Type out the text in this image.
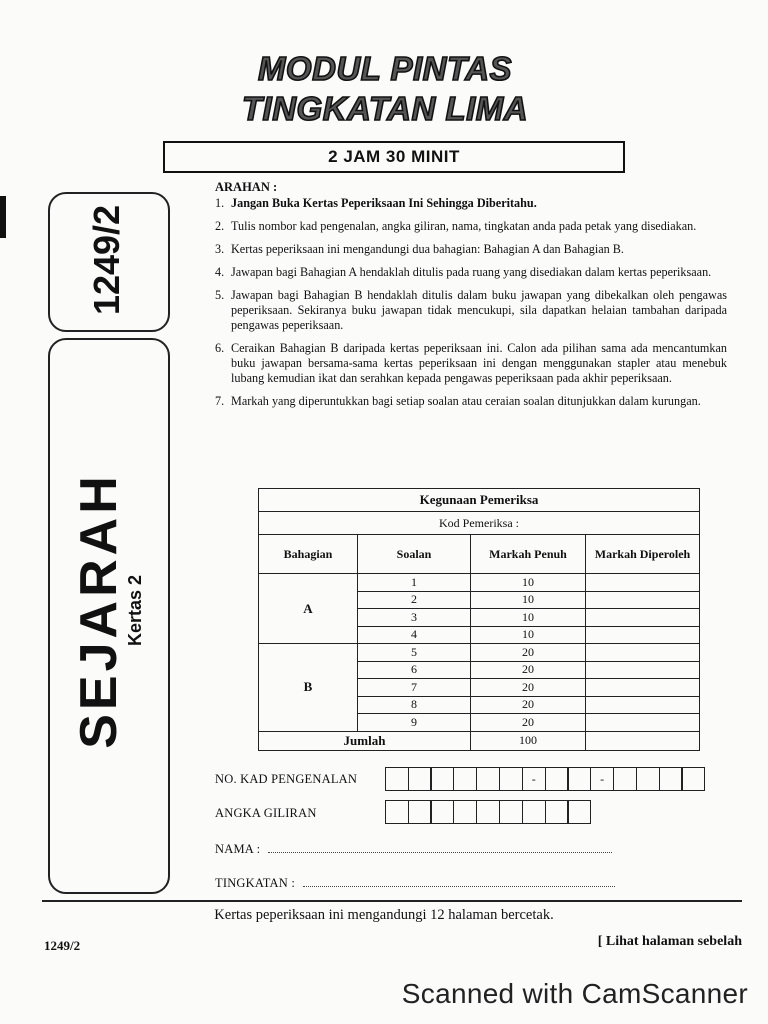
MODUL PINTAS
TINGKATAN LIMA
2 JAM 30 MINIT
1249/2
SEJARAH
Kertas 2
ARAHAN :
1. Jangan Buka Kertas Peperiksaan Ini Sehingga Diberitahu.
2. Tulis nombor kad pengenalan, angka giliran, nama, tingkatan anda pada petak yang disediakan.
3. Kertas peperiksaan ini mengandungi dua bahagian: Bahagian A dan Bahagian B.
4. Jawapan bagi Bahagian A hendaklah ditulis pada ruang yang disediakan dalam kertas peperiksaan.
5. Jawapan bagi Bahagian B hendaklah ditulis dalam buku jawapan yang dibekalkan oleh pengawas peperiksaan. Sekiranya buku jawapan tidak mencukupi, sila dapatkan helaian tambahan daripada pengawas peperiksaan.
6. Ceraikan Bahagian B daripada kertas peperiksaan ini. Calon ada pilihan sama ada mencantumkan buku jawapan bersama-sama kertas peperiksaan ini dengan menggunakan stapler atau menebuk lubang kemudian ikat dan serahkan kepada pengawas peperiksaan pada akhir peperiksaan.
7. Markah yang diperuntukkan bagi setiap soalan atau ceraian soalan ditunjukkan dalam kurungan.
Kegunaan Pemeriksa			
Kod Pemeriksa :			
Bahagian	Soalan	Markah Penuh	Markah Diperoleh
A	1	10	
	2	10	
	3	10	
	4	10	
B	5	20	
	6	20	
	7	20	
	8	20	
	9	20	
Jumlah		100	
NO. KAD PENGENALAN	-	-
ANGKA GILIRAN
NAMA :
TINGKATAN :
Kertas peperiksaan ini mengandungi 12 halaman bercetak.
1249/2	[ Lihat halaman sebelah
Scanned with CamScanner
